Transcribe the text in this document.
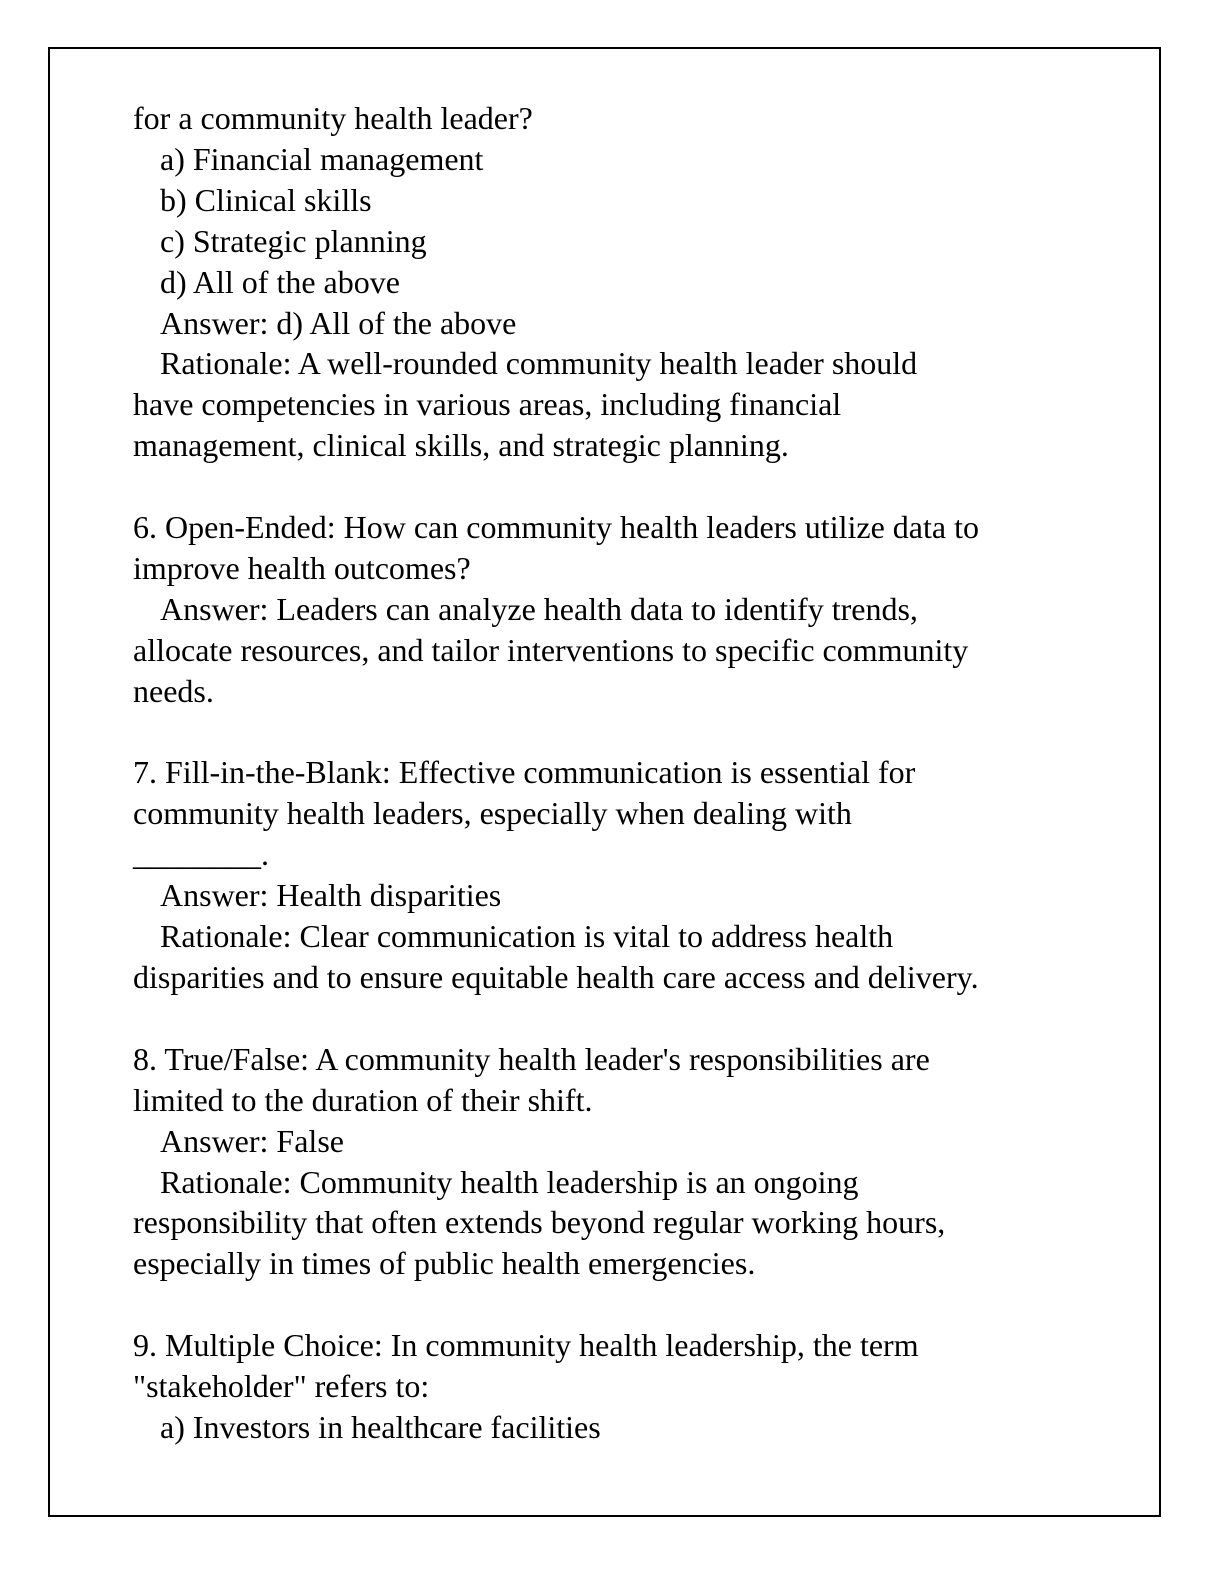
for a community health leader?

a) Financial management

b) Clinical skills

c) Strategic planning

d) All of the above

Answer: d) All of the above

Rationale: A well-rounded community health leader should

have competencies in various areas, including financial

management, clinical skills, and strategic planning.

6. Open-Ended: How can community health leaders utilize data to

improve health outcomes?

Answer: Leaders can analyze health data to identify trends,

allocate resources, and tailor interventions to specific community

needs.

7. Fill-in-the-Blank: Effective communication is essential for

community health leaders, especially when dealing with

________.

Answer: Health disparities

Rationale: Clear communication is vital to address health

disparities and to ensure equitable health care access and delivery.

8. True/False: A community health leader's responsibilities are

limited to the duration of their shift.

Answer: False

Rationale: Community health leadership is an ongoing

responsibility that often extends beyond regular working hours,

especially in times of public health emergencies.

9. Multiple Choice: In community health leadership, the term

"stakeholder" refers to:

a) Investors in healthcare facilities
